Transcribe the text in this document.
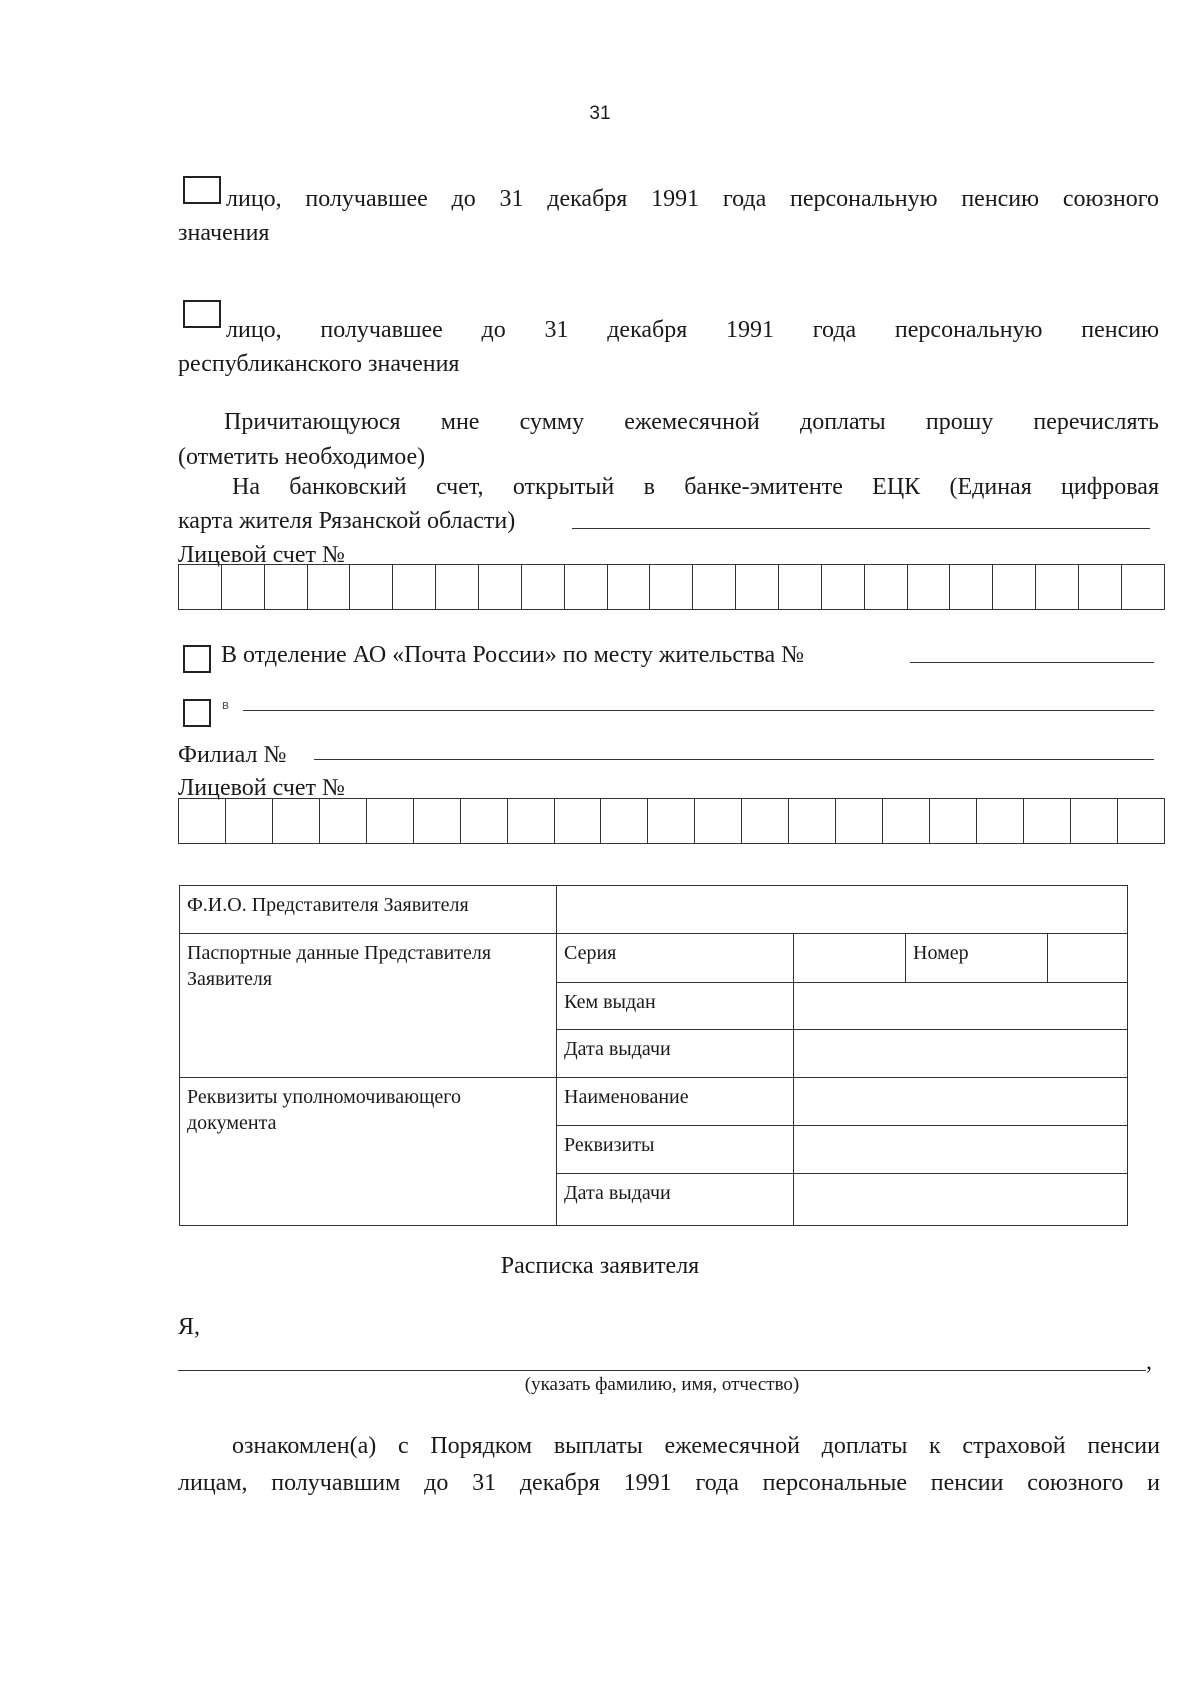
31
лицо, получавшее до 31 декабря 1991 года персональную пенсию союзного
значения
лицо, получавшее до 31 декабря 1991 года персональную пенсию
республиканского значения
Причитающуюся мне сумму ежемесячной доплаты прошу перечислять
(отметить необходимое)
На банковский счет, открытый в банке-эмитенте ЕЦК (Единая цифровая
карта жителя Рязанской области)
Лицевой счет №

В отделение АО «Почта России» по месту жительства №
в
Филиал №
Лицевой счет №

Ф.И.О. Представителя Заявителя				
Паспортные данные Представителя Заявителя	Серия		Номер	
	Кем выдан			
	Дата выдачи			
Реквизиты уполномочивающего документа	Наименование			
	Реквизиты			
	Дата выдачи			
Расписка заявителя
Я,
,
(указать фамилию, имя, отчество)
ознакомлен(а) с Порядком выплаты ежемесячной доплаты к страховой пенсии
лицам, получавшим до 31 декабря 1991 года персональные пенсии союзного и
